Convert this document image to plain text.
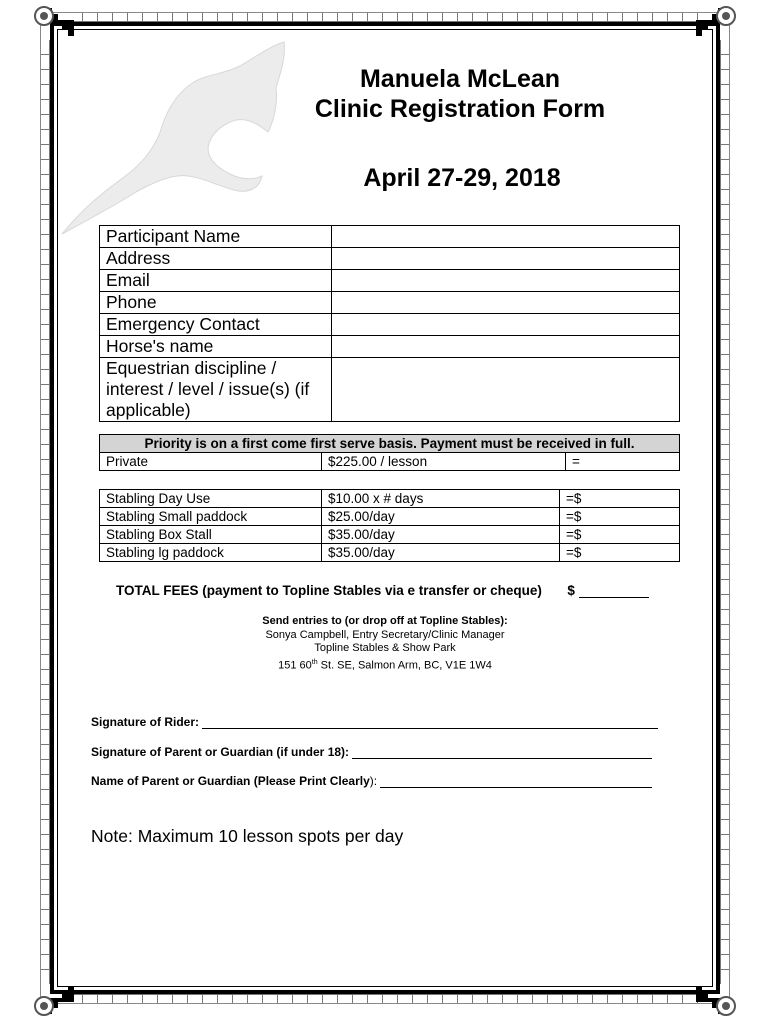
Manuela McLean
Clinic Registration Form
April 27-29, 2018
Participant Name	
Address	
Email	
Phone	
Emergency Contact	
Horse's name	
Equestrian discipline / interest / level / issue(s) (if applicable)	
Priority is on a first come first serve basis. Payment must be received in full.
Private	$225.00 / lesson	=
Stabling Day Use	$10.00 x # days	=$
Stabling Small paddock	$25.00/day	=$
Stabling Box Stall	$35.00/day	=$
Stabling lg paddock	$35.00/day	=$
TOTAL FEES (payment to Topline Stables via e transfer or cheque) $
Send entries to (or drop off at Topline Stables):
Sonya Campbell, Entry Secretary/Clinic Manager
Topline Stables & Show Park
151 60th St. SE, Salmon Arm, BC, V1E 1W4
Signature of Rider:
Signature of Parent or Guardian (if under 18):
Name of Parent or Guardian (Please Print Clearly):
Note: Maximum 10 lesson spots per day
